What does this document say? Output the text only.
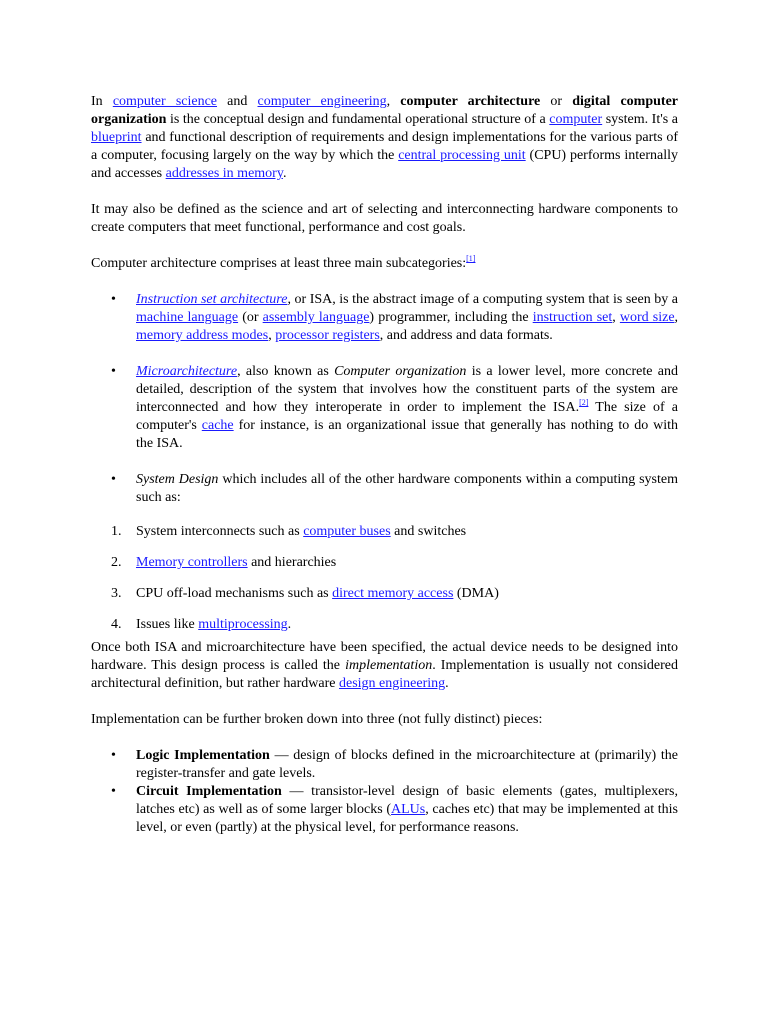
In computer science and computer engineering, computer architecture or digital computer organization is the conceptual design and fundamental operational structure of a computer system. It's a blueprint and functional description of requirements and design implementations for the various parts of a computer, focusing largely on the way by which the central processing unit (CPU) performs internally and accesses addresses in memory.

It may also be defined as the science and art of selecting and interconnecting hardware components to create computers that meet functional, performance and cost goals.

Computer architecture comprises at least three main subcategories:[1]

• Instruction set architecture, or ISA, is the abstract image of a computing system that is seen by a machine language (or assembly language) programmer, including the instruction set, word size, memory address modes, processor registers, and address and data formats.
• Microarchitecture, also known as Computer organization is a lower level, more concrete and detailed, description of the system that involves how the constituent parts of the system are interconnected and how they interoperate in order to implement the ISA.[2] The size of a computer's cache for instance, is an organizational issue that generally has nothing to do with the ISA.
• System Design which includes all of the other hardware components within a computing system such as:
1. System interconnects such as computer buses and switches
2. Memory controllers and hierarchies
3. CPU off-load mechanisms such as direct memory access (DMA)
4. Issues like multiprocessing.

Once both ISA and microarchitecture have been specified, the actual device needs to be designed into hardware. This design process is called the implementation. Implementation is usually not considered architectural definition, but rather hardware design engineering.

Implementation can be further broken down into three (not fully distinct) pieces:

• Logic Implementation — design of blocks defined in the microarchitecture at (primarily) the register-transfer and gate levels.
• Circuit Implementation — transistor-level design of basic elements (gates, multiplexers, latches etc) as well as of some larger blocks (ALUs, caches etc) that may be implemented at this level, or even (partly) at the physical level, for performance reasons.
